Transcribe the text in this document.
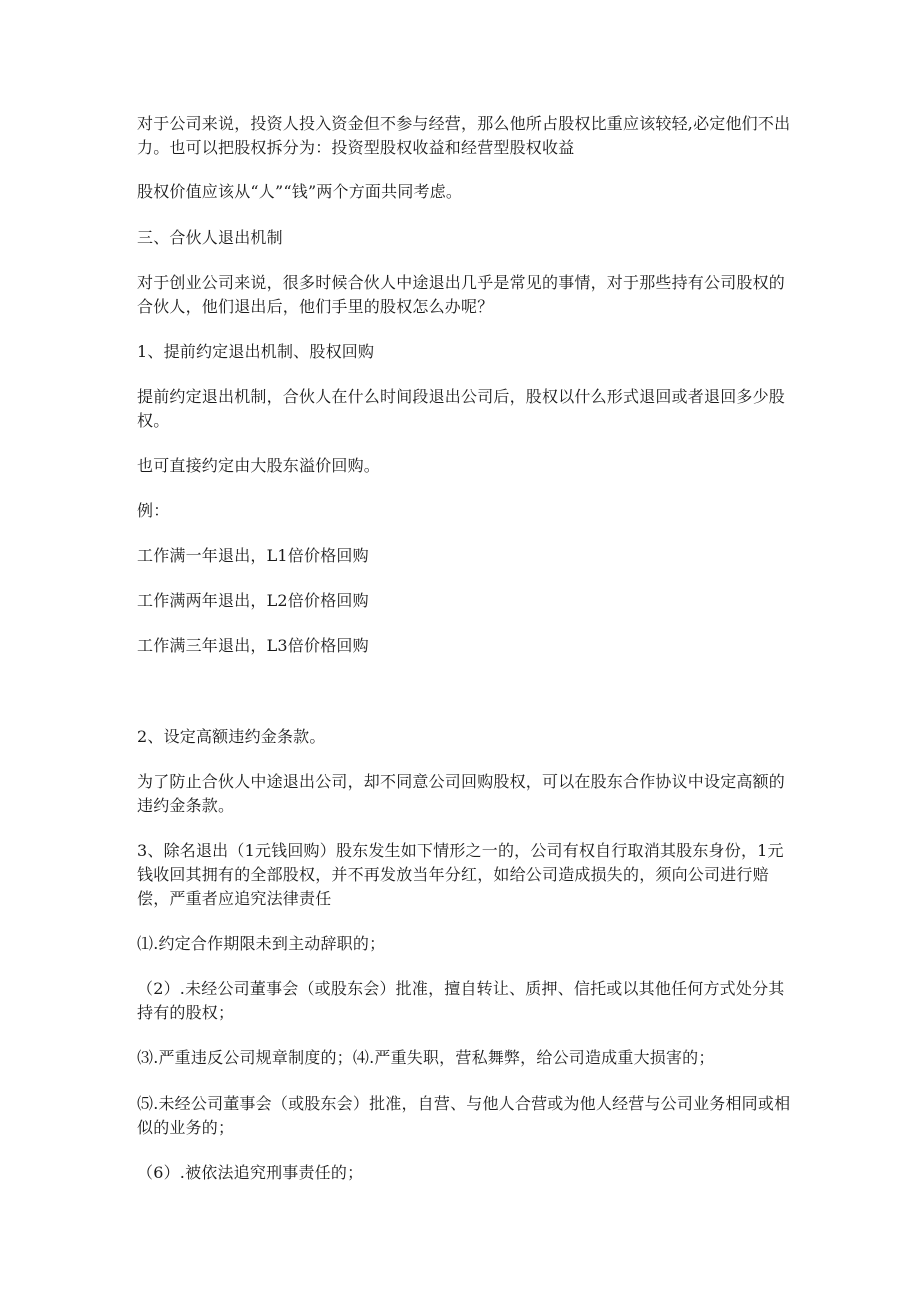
对于公司来说，投资人投入资金但不参与经营，那么他所占股权比重应该较轻,必定他们不出力。也可以把股权拆分为：投资型股权收益和经营型股权收益

股权价值应该从“人”“钱”两个方面共同考虑。

三、合伙人退出机制

对于创业公司来说，很多时候合伙人中途退出几乎是常见的事情，对于那些持有公司股权的合伙人，他们退出后，他们手里的股权怎么办呢？

1、提前约定退出机制、股权回购

提前约定退出机制，合伙人在什么时间段退出公司后，股权以什么形式退回或者退回多少股权。

也可直接约定由大股东溢价回购。

例：

工作满一年退出，L1倍价格回购

工作满两年退出，L2倍价格回购

工作满三年退出，L3倍价格回购

2、设定高额违约金条款。

为了防止合伙人中途退出公司，却不同意公司回购股权，可以在股东合作协议中设定高额的违约金条款。

3、除名退出（1元钱回购）股东发生如下情形之一的，公司有权自行取消其股东身份，1元钱收回其拥有的全部股权，并不再发放当年分红，如给公司造成损失的，须向公司进行赔偿，严重者应追究法律责任

⑴.约定合作期限未到主动辞职的；

（2）.未经公司董事会（或股东会）批准，擅自转让、质押、信托或以其他任何方式处分其持有的股权；

⑶.严重违反公司规章制度的；⑷.严重失职，营私舞弊，给公司造成重大损害的；

⑸.未经公司董事会（或股东会）批准，自营、与他人合营或为他人经营与公司业务相同或相似的业务的；

（6）.被依法追究刑事责任的；
